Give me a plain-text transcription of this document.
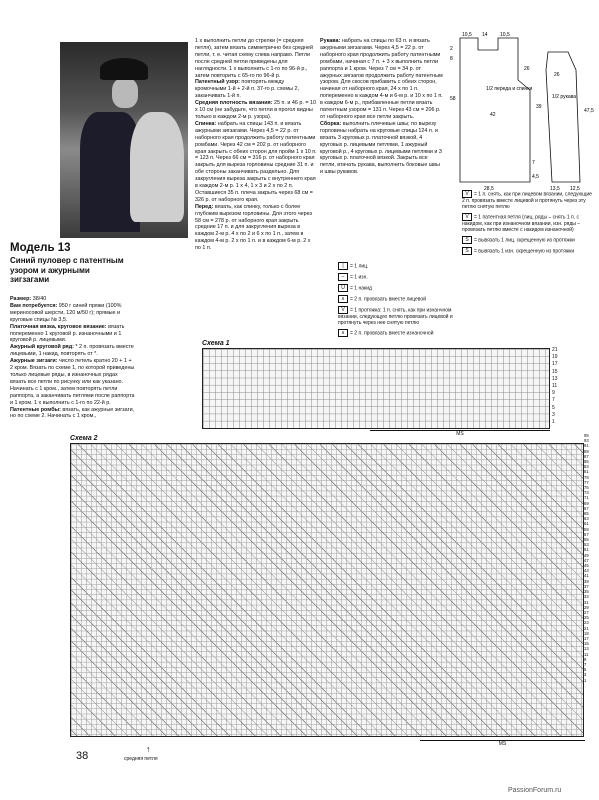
Модель 13
Синий пуловер с патентным узором и ажурными зигзагами

Размер: 38/40

Вам потребуется: 950 г синей пряжи (100% мериносовой шерсти, 120 м/50 г); прямые и круговые спицы № 3,5.

Платочная вязка, круговое вязание: вязать попеременно 1 круговой р. изнаночными и 1 круговой р. лицевыми.

Ажурный круговой ряд: * 2 п. провязать вместе лицевыми, 1 накид, повторять от *.

Ажурные зигзаги: число петель кратно 20 + 1 + 2 кром. Вязать по схеме 1, по которой приведены только лицевые ряды, в изнаночных рядах вязать все петли по рисунку или как указано. Начинать с 1 кром., затем повторять петли раппорта, а заканчивать петлями после раппорта и 1 кром. 1 х выполнить с 1-го по 22-й р.

Патентные ромбы: вязать, как ажурные зигзаги, но по схеме 2. Начинать с 1 кром.,

1 х выполнить петли до стрелки (= средняя петля), затем вязать симметрично без средней петли, т. е. читая схему слева направо. Петли после средней петли приведены для наглядности. 1 х выполнить с 1-го по 96-й р., затем повторить с 65-го по 96-й р.

Патентный узор: повторять между кромочными 1-й + 2-й п. 37-го р. схемы 2, заканчивать 1-й п.

Средняя плотность вязания: 25 п. и 46 р. = 10 x 10 см (не забудьте, что петли в прогол видны только в каждом 2-м р. узора).

Спинка: набрать на спицы 143 п. и вязать ажурными зигзагами. Через 4,5 = 22 р. от наборного края продолжить работу патентными ромбами. Через 42 см = 202 р. от наборного края закрыть с обеих сторон для пройм 1 x 10 п. = 123 п. Через 66 см = 316 р. от наборного края закрыть для выреза горловины средние 31 п. и обе стороны заканчивать раздельно. Для закругления выреза закрыть с внутреннего края в каждом 2-м р. 1 x 4, 1 x 3 и 2 x по 2 п. Оставшиеся 35 п. плеча закрыть через 68 см = 326 р. от наборного края.

Перед: вязать, как спинку, только с более глубоким вырезом горловины. Для этого через 58 см = 278 р. от наборного края закрыть средние 17 п. и для закругления выреза в каждом 2-м р. 4 x по 2 и 6 x по 1 п., затем в каждом 4-м р. 2 x по 1 п. и в каждом 6-м р. 2 x по 1 п.

Рукава: набрать на спицы по 63 п. и вязать ажурными зигзагами. Через 4,5 = 22 р. от наборного края продолжить работу патентными ромбами, начиная с 7 п. + 3 х выполнить петли раппорта и 1 кром. Через 7 см = 34 р. от ажурных зигзагов продолжить работу патентным узором. Для скосов прибавить с обеих сторон, начиная от наборного края, 24 x по 1 п. попеременно в каждом 4-м и 6-м р. и 10 x по 1 п. в каждом 6-м р., прибавленные петли вязать патентным узором = 131 п. Через 43 см = 206 р. от наборного края все петли закрыть.

Сборка: выполнить плечевые швы; по вырезу горловины набрать на круговые спицы 124 п. и вязать 3 круговых р. платочной вязкой, 4 круговых р. лицевыми петлями, 1 ажурный круговой р., 4 круговых р. лицевыми петлями и 3 круговых р. платочной вязкой. Закрыть все петли, втачать рукава, выполнить боковые швы и швы рукавов.

10,5 14 10,5
2
8
26
58
42
39
47,5
28,5	13,5 12,5
26
7
4,5
1/2 переда и спинки
1/2 рукава
| = 1 лиц.
– = 1 изн.
U = 1 накид
∧ = 2 п. провязать вместе лицевой
V = 1 протяжка: 1 п. снять, как при изнанчном вязании, следующую петлю провязать лицевой и протянуть через нее снятую петлю
∧ = 2 п. провязать вместе изнаночной
V = 1 п. снять, как при лицевом вязании, следующие 2 п. провязать вместе лицевой и протянуть через эту петлю снятую петлю
V = 1 патентная петля (лиц. ряды – снять 1 п. с накидом, как при изнаночном вязании, изн. ряды – провязать петлю вместе с накидом изнаночной)
S = вывязать 1 лиц. скрещенную из протяжки
S = вывязать 1 изн. скрещенную из протяжки
Схема 1
21
19
17
15
13
11
9
7
5
3
1
MS
Схема 2	95
93
91
89
87
85
83
81
79
77
75
73
71
69
67
65
63
61
59
57
55
53
51
49
47
45
43
41
39
37
35
33
31
29
27
25
23
21
19
17
15
13
11
9
7
5
3
1
MS
38
↑
средняя петля
PassionForum.ru
